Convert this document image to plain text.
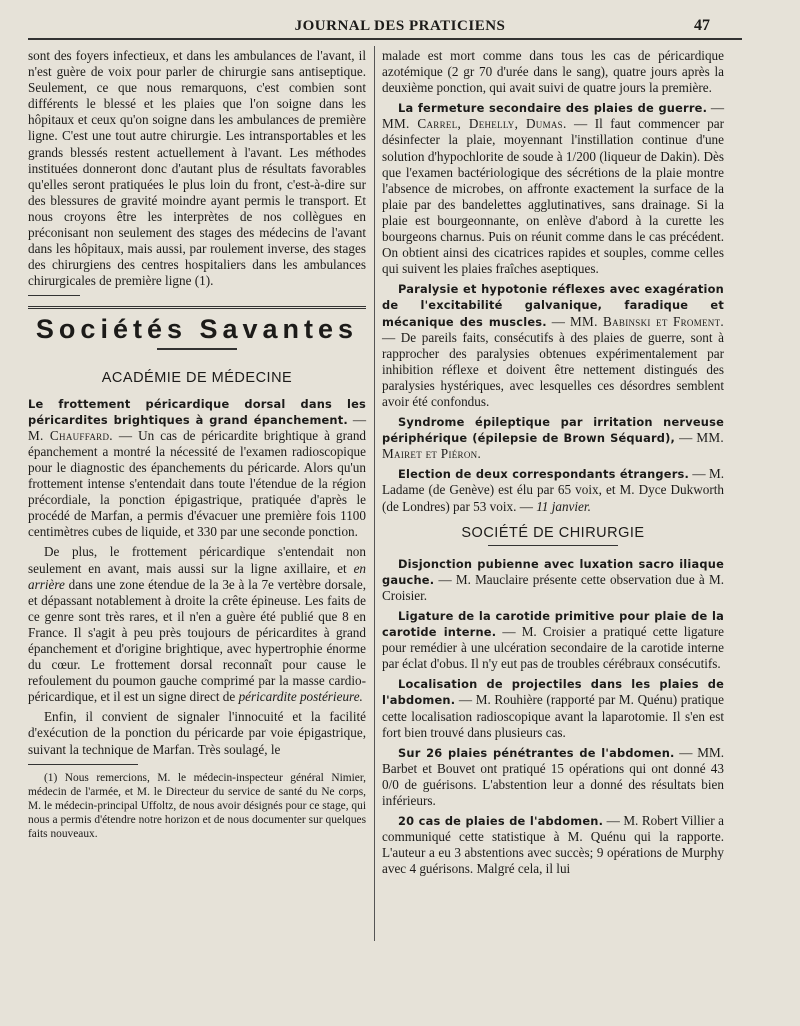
JOURNAL DES PRATICIENS	47

sont des foyers infectieux, et dans les ambulances de l'avant, il n'est guère de voix pour parler de chirurgie sans antiseptique. Seulement, ce que nous remarquons, c'est combien sont différents le blessé et les plaies que l'on soigne dans les hôpitaux et ceux qu'on soigne dans les ambulances de première ligne. C'est une tout autre chirurgie. Les intransportables et les grands blessés restent actuellement à l'avant. Les méthodes instituées donneront donc d'autant plus de résultats favorables qu'elles seront pratiquées le plus loin du front, c'est-à-dire sur des blessures de gravité moindre ayant permis le transport. Et nous croyons être les interprètes de nos collègues en préconisant non seulement des stages des médecins de l'avant dans les hôpitaux, mais aussi, par roulement inverse, des stages des chirurgiens des centres hospitaliers dans les ambulances chirurgicales de première ligne (1).

Sociétés Savantes
ACADÉMIE DE MÉDECINE

Le frottement péricardique dorsal dans les péricardites brightiques à grand épanchement. — M. Chauffard. — Un cas de péricardite brightique à grand épanchement a montré la nécessité de l'examen radioscopique pour le diagnostic des épanchements du péricarde. Alors qu'un frottement intense s'entendait dans toute l'étendue de la région précordiale, la ponction épigastrique, pratiquée d'après le procédé de Marfan, a permis d'évacuer une première fois 1100 centimètres cubes de liquide, et 330 par une seconde ponction.

De plus, le frottement péricardique s'entendait non seulement en avant, mais aussi sur la ligne axillaire, et en arrière dans une zone étendue de la 3e à la 7e vertèbre dorsale, et dépassant notablement à droite la crête épineuse. Les faits de ce genre sont très rares, et il n'en a guère été publié que 8 en France. Il s'agit à peu près toujours de péricardites à grand épanchement et d'origine brightique, avec hypertrophie énorme du cœur. Le frottement dorsal reconnaît pour cause le refoulement du poumon gauche comprimé par la masse cardio-péricardique, et il est un signe direct de péricardite postérieure.

Enfin, il convient de signaler l'innocuité et la facilité d'exécution de la ponction du péricarde par voie épigastrique, suivant la technique de Marfan. Très soulagé, le

(1) Nous remercions, M. le médecin-inspecteur général Nimier, médecin de l'armée, et M. le Directeur du service de santé du Ne corps, M. le médecin-principal Uffoltz, de nous avoir désignés pour ce stage, qui nous a permis d'étendre notre horizon et de nous documenter sur quelques faits nouveaux.

malade est mort comme dans tous les cas de péricardique azotémique (2 gr 70 d'urée dans le sang), quatre jours après la deuxième ponction, qui avait suivi de quatre jours la première.

La fermeture secondaire des plaies de guerre. — MM. Carrel, Dehelly, Dumas. — Il faut commencer par désinfecter la plaie, moyennant l'instillation continue d'une solution d'hypochlorite de soude à 1/200 (liqueur de Dakin). Dès que l'examen bactériologique des sécrétions de la plaie montre l'absence de microbes, on affronte exactement la surface de la plaie par des bandelettes agglutinatives, sans drainage. Si la plaie est bourgeonnante, on enlève d'abord à la curette les bourgeons charnus. Puis on réunit comme dans le cas précédent. On obtient ainsi des cicatrices rapides et souples, comme celles qui suivent les plaies fraîches aseptiques.

Paralysie et hypotonie réflexes avec exagération de l'excitabilité galvanique, faradique et mécanique des muscles. — MM. Babinski et Froment. — De pareils faits, consécutifs à des plaies de guerre, sont à rapprocher des paralysies obtenues expérimentalement par inhibition réflexe et doivent être nettement distingués des paralysies hystériques, avec lesquelles ces désordres semblent avoir été confondus.

Syndrome épileptique par irritation nerveuse périphérique (épilepsie de Brown Séquard), — MM. Mairet et Piéron.

Election de deux correspondants étrangers. — M. Ladame (de Genève) est élu par 65 voix, et M. Dyce Dukworth (de Londres) par 53 voix. — 11 janvier.

SOCIÉTÉ DE CHIRURGIE

Disjonction pubienne avec luxation sacro iliaque gauche. — M. Mauclaire présente cette observation due à M. Croisier.

Ligature de la carotide primitive pour plaie de la carotide interne. — M. Croisier a pratiqué cette ligature pour remédier à une ulcération secondaire de la carotide interne par éclat d'obus. Il n'y eut pas de troubles cérébraux consécutifs.

Localisation de projectiles dans les plaies de l'abdomen. — M. Rouhière (rapporté par M. Quénu) pratique cette localisation radioscopique avant la laparotomie. Il s'en est fort bien trouvé dans plusieurs cas.

Sur 26 plaies pénétrantes de l'abdomen. — MM. Barbet et Bouvet ont pratiqué 15 opérations qui ont donné 43 0/0 de guérisons. L'abstention leur a donné des résultats bien inférieurs.

20 cas de plaies de l'abdomen. — M. Robert Villier a communiqué cette statistique à M. Quénu qui la rapporte. L'auteur a eu 3 abstentions avec succès; 9 opérations de Murphy avec 4 guérisons. Malgré cela, il lui
